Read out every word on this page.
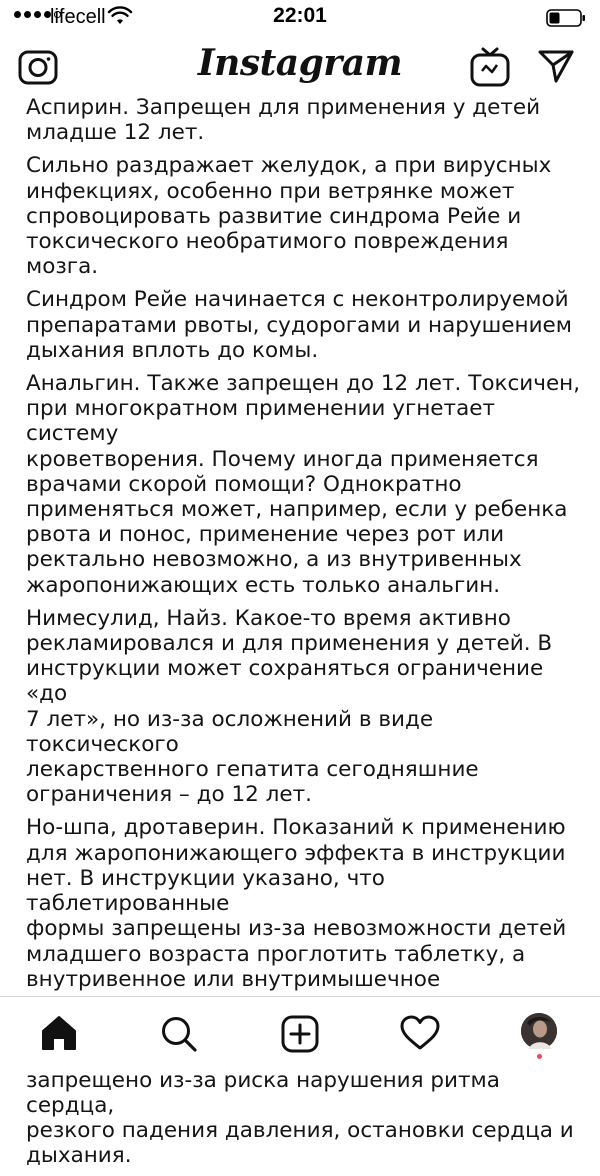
lifecell	22:01
Instagram

Аспирин. Запрещен для применения у детей
младше 12 лет.

Сильно раздражает желудок, а при вирусных
инфекциях, особенно при ветрянке может
спровоцировать развитие синдрома Рейе и
токсического необратимого повреждения мозга.

Синдром Рейе начинается с неконтролируемой
препаратами рвоты, судорогами и нарушением
дыхания вплоть до комы.

Анальгин. Также запрещен до 12 лет. Токсичен,
при многократном применении угнетает систему
кроветворения. Почему иногда применяется
врачами скорой помощи? Однократно
применяться может, например, если у ребенка
рвота и понос, применение через рот или
ректально невозможно, а из внутривенных
жаропонижающих есть только анальгин.

Нимесулид, Найз. Какое-то время активно
рекламировался и для применения у детей. В
инструкции может сохраняться ограничение «до
7 лет», но из-за осложнений в виде токсического
лекарственного гепатита сегодняшние
ограничения – до 12 лет.

Но-шпа, дротаверин. Показаний к применению
для жаропонижающего эффекта в инструкции
нет. В инструкции указано, что таблетированные
формы запрещены из-за невозможности детей
младшего возраста проглотить таблетку, а
внутривенное или внутримышечное

запрещено из-за риска нарушения ритма сердца,
резкого падения давления, остановки сердца и
дыхания.
